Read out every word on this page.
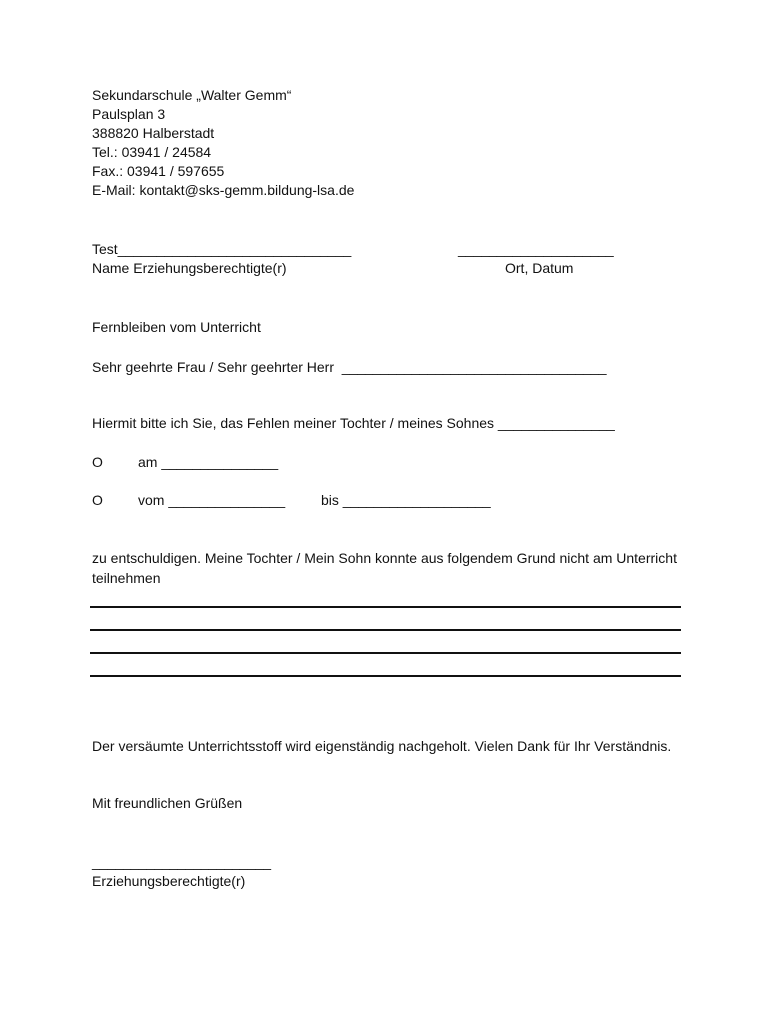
Sekundarschule „Walter Gemm“
Paulsplan 3
388820 Halberstadt
Tel.: 03941 / 24584
Fax.: 03941 / 597655
E-Mail: kontakt@sks-gemm.bildung-lsa.de
Test______________________________
Name Erziehungsberechtigte(r)
____________________
Ort, Datum
Fernbleiben vom Unterricht
Sehr geehrte Frau / Sehr geehrter Herr  __________________________________
Hiermit bitte ich Sie, das Fehlen meiner Tochter / meines Sohnes _______________
O	am _______________
O	vom _______________	bis ___________________
zu entschuldigen. Meine Tochter / Mein Sohn konnte aus folgendem Grund nicht am Unterricht teilnehmen
Der versäumte Unterrichtsstoff wird eigenständig nachgeholt. Vielen Dank für Ihr Verständnis.
Mit freundlichen Grüßen
_______________________
Erziehungsberechtigte(r)
